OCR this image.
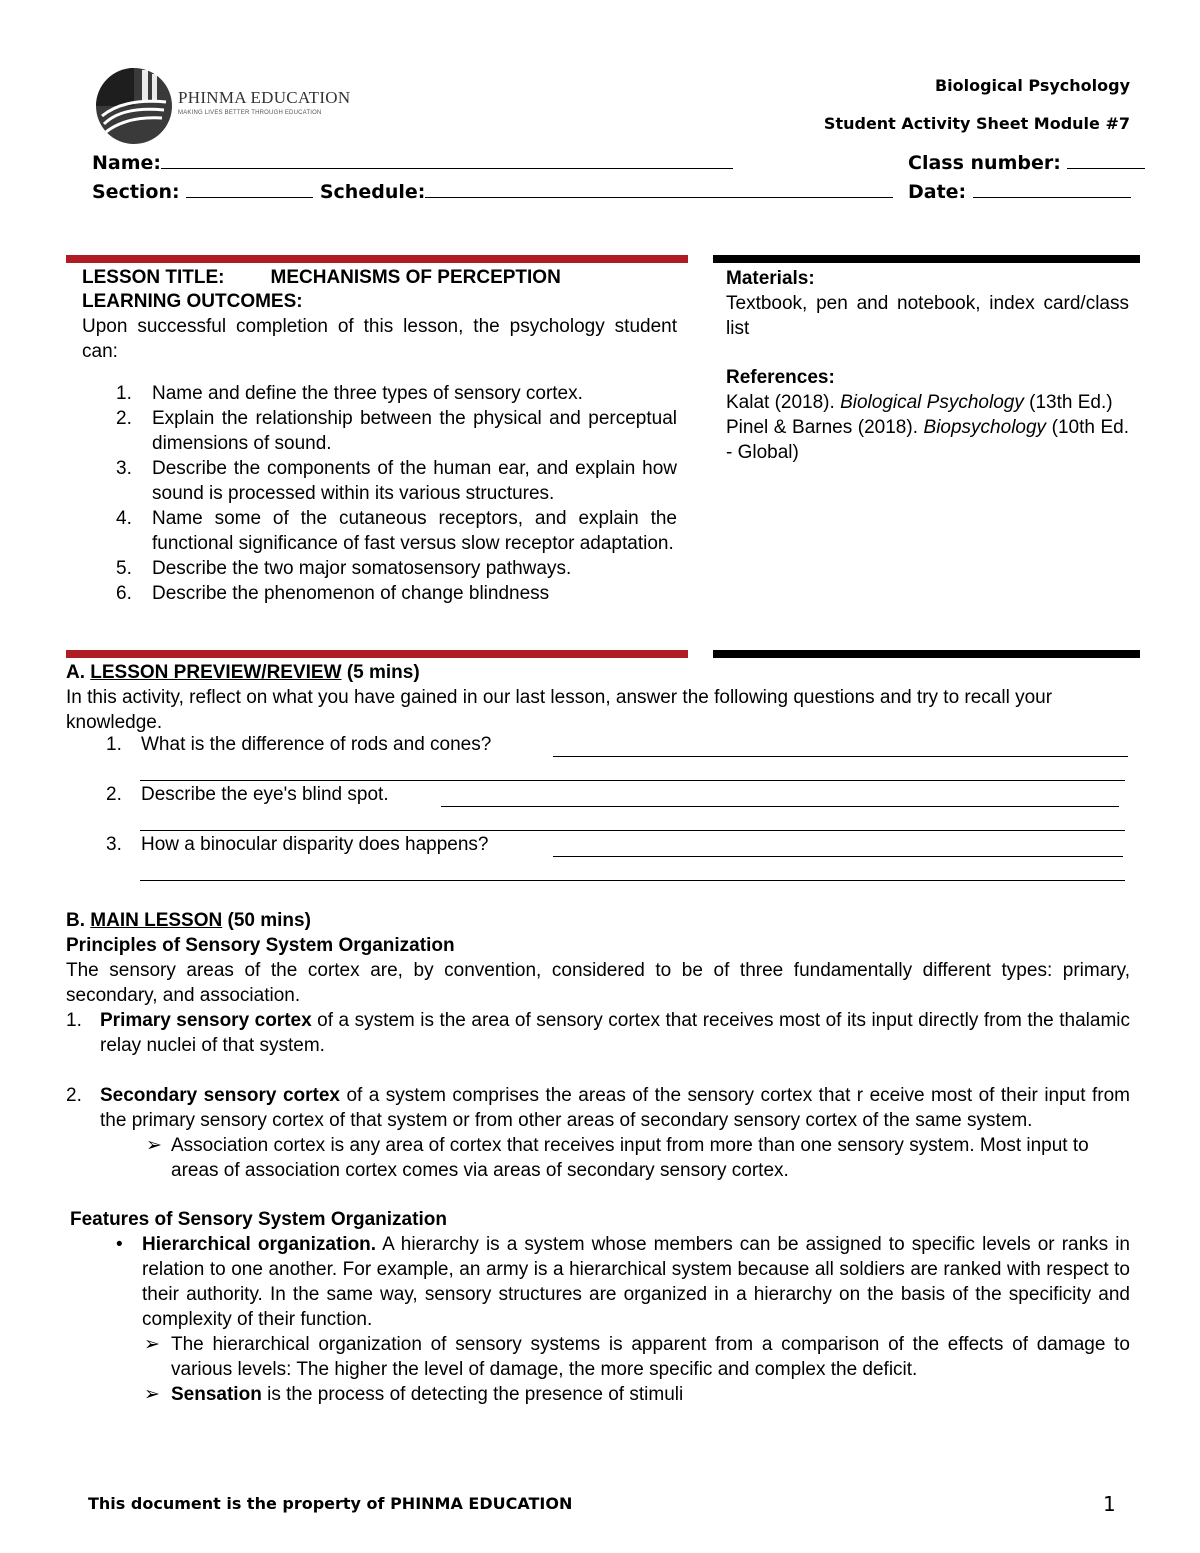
PHINMA EDUCATION
MAKING LIVES BETTER THROUGH EDUCATION
Biological Psychology
Student Activity Sheet Module #7
Name:	Class number:
Section:	Schedule:	Date:
LESSON TITLE: MECHANISMS OF PERCEPTION
LEARNING OUTCOMES:

Upon successful completion of this lesson, the psychology student can:

1. Name and define the three types of sensory cortex.

2. Explain the relationship between the physical and perceptual dimensions of sound.

3. Describe the components of the human ear, and explain how sound is processed within its various structures.

4. Name some of the cutaneous receptors, and explain the functional significance of fast versus slow receptor adaptation.

5. Describe the two major somatosensory pathways.

6. Describe the phenomenon of change blindness

Materials:

Textbook, pen and notebook, index card/class list

References:

Kalat (2018). Biological Psychology (13th Ed.)

Pinel & Barnes (2018). Biopsychology (10th Ed. - Global)

A. LESSON PREVIEW/REVIEW (5 mins)

In this activity, reflect on what you have gained in our last lesson, answer the following questions and try to recall your knowledge.

1. What is the difference of rods and cones?
2. Describe the eye's blind spot.
3. How a binocular disparity does happens?
B. MAIN LESSON (50 mins)
Principles of Sensory System Organization

The sensory areas of the cortex are, by convention, considered to be of three fundamentally different types: primary, secondary, and association.

1. Primary sensory cortex of a system is the area of sensory cortex that receives most of its input directly from the thalamic relay nuclei of that system.

2. Secondary sensory cortex of a system comprises the areas of the sensory cortex that r eceive most of their input from the primary sensory cortex of that system or from other areas of secondary sensory cortex of the same system.

➢ Association cortex is any area of cortex that receives input from more than one sensory system. Most input to areas of association cortex comes via areas of secondary sensory cortex.

Features of Sensory System Organization
• Hierarchical organization. A hierarchy is a system whose members can be assigned to specific levels or ranks in relation to one another. For example, an army is a hierarchical system because all soldiers are ranked with respect to their authority. In the same way, sensory structures are organized in a hierarchy on the basis of the specificity and complexity of their function.

➢ The hierarchical organization of sensory systems is apparent from a comparison of the effects of damage to various levels: The higher the level of damage, the more specific and complex the deficit.

➢ Sensation is the process of detecting the presence of stimuli

This document is the property of PHINMA EDUCATION	1
